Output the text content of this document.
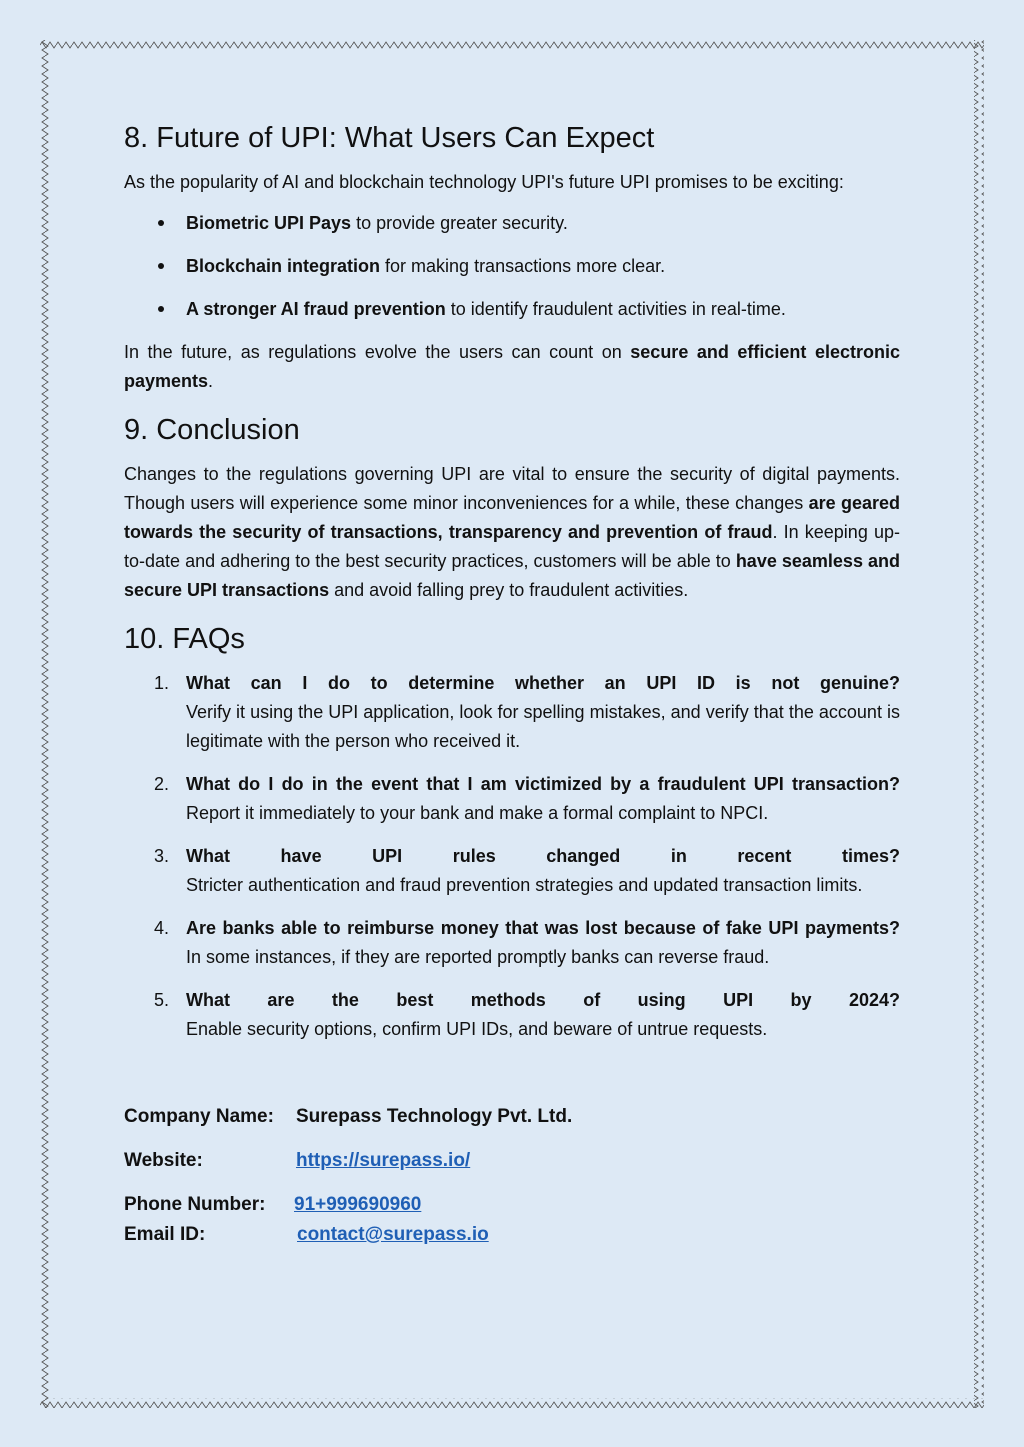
8. Future of UPI: What Users Can Expect

As the popularity of AI and blockchain technology UPI's future UPI promises to be exciting:

Biometric UPI Pays to provide greater security.
Blockchain integration for making transactions more clear.
A stronger AI fraud prevention to identify fraudulent activities in real-time.

In the future, as regulations evolve the users can count on secure and efficient electronic payments.

9. Conclusion

Changes to the regulations governing UPI are vital to ensure the security of digital payments. Though users will experience some minor inconveniences for a while, these changes are geared towards the security of transactions, transparency and prevention of fraud. In keeping up-to-date and adhering to the best security practices, customers will be able to have seamless and secure UPI transactions and avoid falling prey to fraudulent activities.

10. FAQs
1. What can I do to determine whether an UPI ID is not genuine?
Verify it using the UPI application, look for spelling mistakes, and verify that the account is legitimate with the person who received it.
2. What do I do in the event that I am victimized by a fraudulent UPI transaction?
Report it immediately to your bank and make a formal complaint to NPCI.
3. What have UPI rules changed in recent times?
Stricter authentication and fraud prevention strategies and updated transaction limits.
4. Are banks able to reimburse money that was lost because of fake UPI payments?
In some instances, if they are reported promptly banks can reverse fraud.
5. What are the best methods of using UPI by 2024?
Enable security options, confirm UPI IDs, and beware of untrue requests.
Company Name:	Surepass Technology Pvt. Ltd.
Website:	https://surepass.io/
Phone Number:	91+999690960
Email ID:	contact@surepass.io
